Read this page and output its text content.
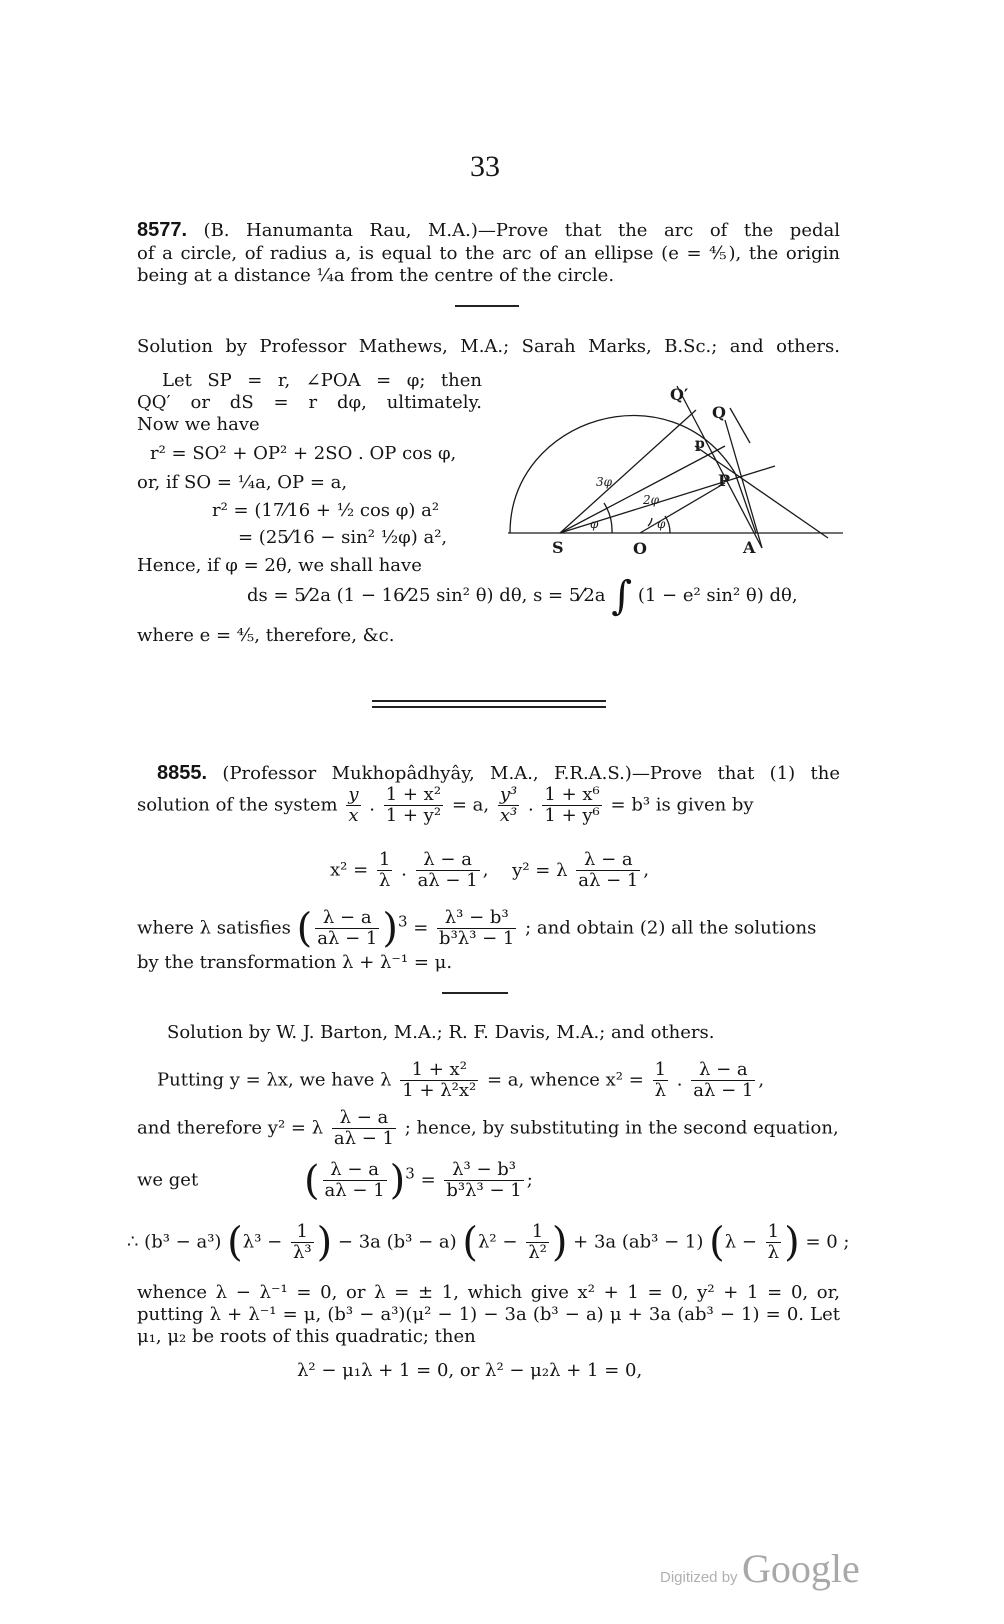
33
8577. (B. Hanumanta Rau, M.A.)—Prove that the arc of the pedal
of a circle, of radius a, is equal to the arc of an ellipse (e = ⅘), the origin
being at a distance ¼a from the centre of the circle.
Solution by Professor Mathews, M.A.; Sarah Marks, B.Sc.; and others.
Let SP = r, ∠POA = φ; then
QQ′ or dS = r dφ, ultimately.
Now we have
r² = SO² + OP² + 2SO . OP cos φ,
or, if SO = ¼a, OP = a,
r² = (17⁄16 + ½ cos φ) a²
= (25⁄16 − sin² ½φ) a²,
Hence, if φ = 2θ, we shall have
ds = 5⁄2a (1 − 16⁄25 sin² θ) dθ, s = 5⁄2a ∫ (1 − e² sin² θ) dθ,
where e = ⅘, therefore, &c.
S	O	A
Q′
Q
p
P
3φ
2φ
φ	φ
8855. (Professor Mukhopâdhyây, M.A., F.R.A.S.)—Prove that (1) the
solution of the system $\frac{y}{x}$ . $\frac{\text{1 + x²}}{\text{1 + y²}} = a$, $\frac{\text{y³}}{\text{x³}}$ . $\frac{\text{1 + x⁶}}{\text{1 + y⁶}} = b^3$ is given by
$x^2 = \frac{1}{\lambda}$ . $\frac{\lambda - a}{a\lambda - 1}$ , y² = λ $\frac{\lambda - a}{a\lambda - 1}$ ,
where λ satisfies ( $\frac{\lambda - a}{a\lambda - 1} )^3 = \frac{\text{λ³ − b³}}{\text{b³λ³ − 1}}$ ; and obtain (2) all the solutions
by the transformation λ + λ⁻¹ = μ.
Solution by W. J. Barton, M.A.; R. F. Davis, M.A.; and others.
Putting y = λx, we have λ $\frac{\text{1 + x²}}{\text{1 + λ²x²}} = a$, whence $x^2 = \frac{1}{\lambda}$ . $\frac{\lambda - a}{a\lambda - 1}$ ,
and therefore y² = λ $\frac{\lambda - a}{a\lambda - 1}$ ; hence, by substituting in the second equation,
we get	( $\frac{\lambda - a}{a\lambda - 1} )^3 = \frac{\text{λ³ − b³}}{\text{b³λ³ − 1}}$ ;
∴ (b³ − a³) ($\lambda^3 - \frac{1}{\text{λ³}}$ ) − 3a (b³ − a) ($\lambda^2 - \frac{1}{\text{λ²}}$ ) + 3a (ab³ − 1) ($\lambda - \frac{1}{\lambda}$ ) = 0 ;
whence λ − λ⁻¹ = 0, or λ = ± 1, which give x² + 1 = 0, y² + 1 = 0, or,
putting λ + λ⁻¹ = μ, (b³ − a³)(μ² − 1) − 3a (b³ − a) μ + 3a (ab³ − 1) = 0. Let
μ₁, μ₂ be roots of this quadratic; then
λ² − μ₁λ + 1 = 0, or λ² − μ₂λ + 1 = 0,
Digitized by Google
